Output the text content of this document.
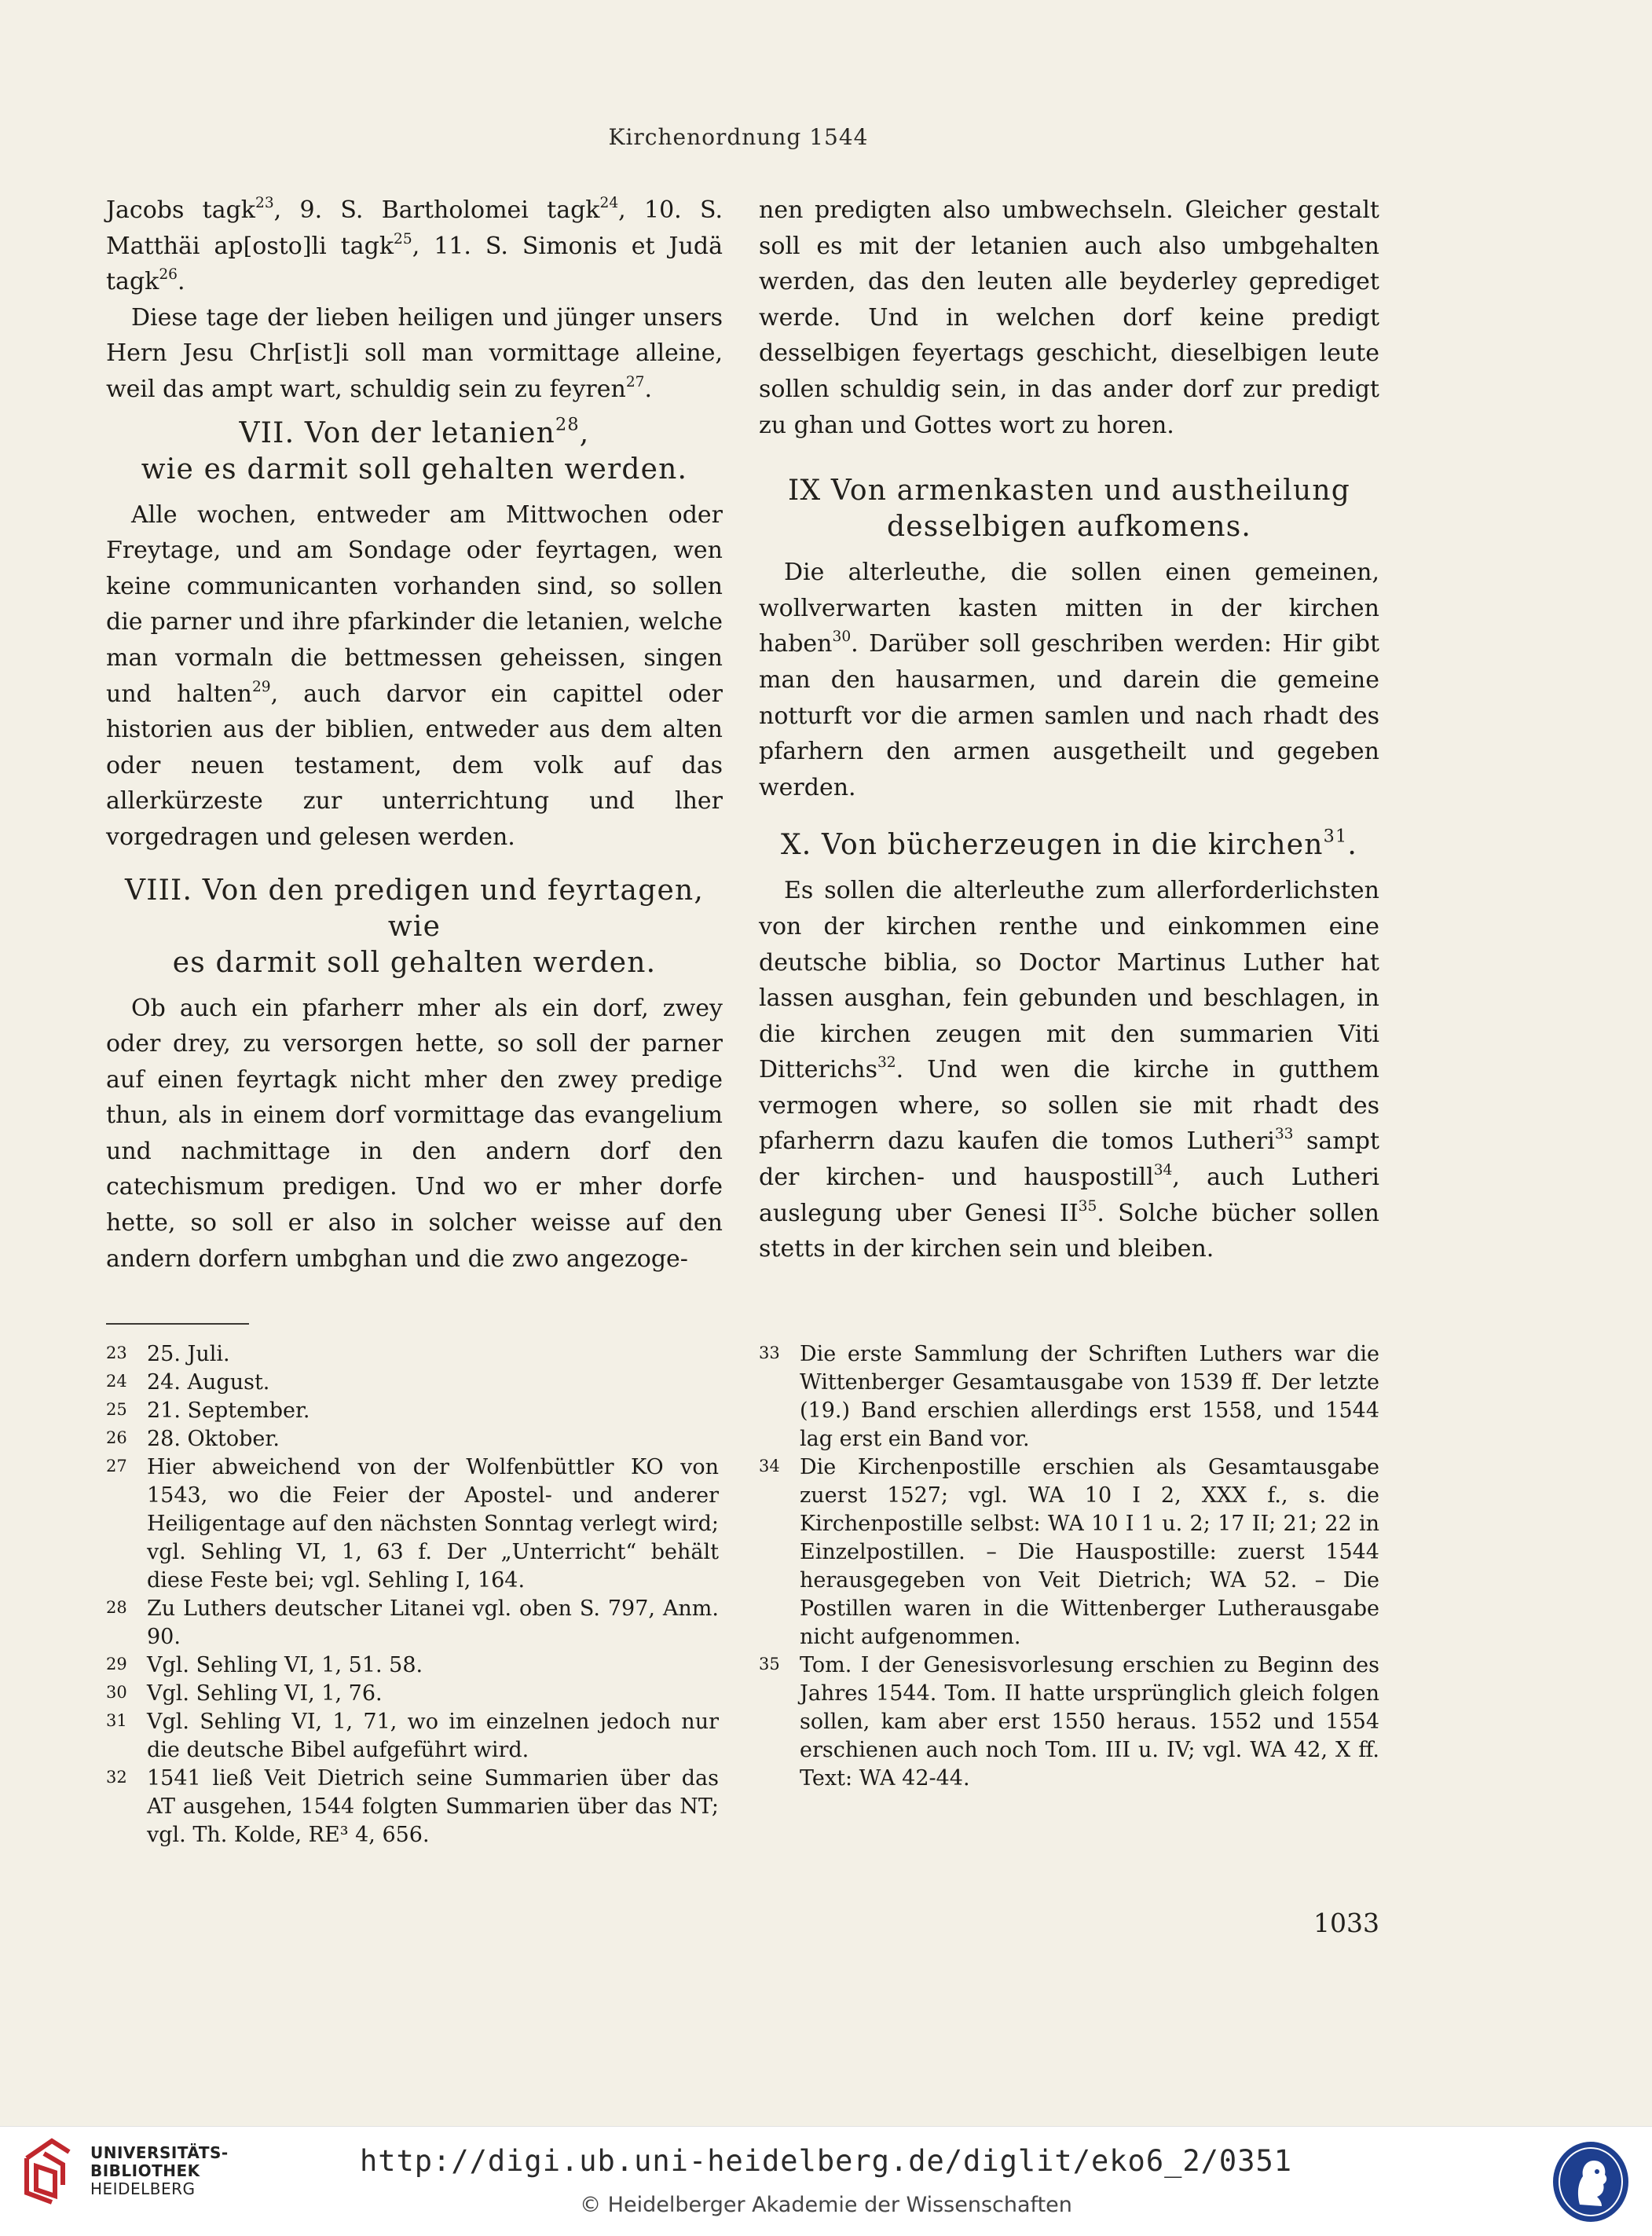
Kirchenordnung 1544

Jacobs tagk$^{23}$, 9. S. Bartholomei tagk$^{24}$, 10. S. Matthäi ap[osto]li tagk$^{25}$, 11. S. Simonis et Judä tagk$^{26}$.

Diese tage der lieben heiligen und jünger unsers Hern Jesu Chr[ist]i soll man vormittage alleine, weil das ampt wart, schuldig sein zu feyren$^{27}$.

VII. Von der letanien$^{28}$,
wie es darmit soll gehalten werden.

Alle wochen, entweder am Mittwochen oder Freytage, und am Sondage oder feyrtagen, wen keine communicanten vorhanden sind, so sollen die parner und ihre pfarkinder die letanien, welche man vormaln die bettmessen geheissen, singen und halten$^{29}$, auch darvor ein capittel oder historien aus der biblien, entweder aus dem alten oder neuen testament, dem volk auf das allerkürzeste zur unterrichtung und lher vorgedragen und gelesen werden.

VIII. Von den predigen und feyrtagen, wie
es darmit soll gehalten werden.

Ob auch ein pfarherr mher als ein dorf, zwey oder drey, zu versorgen hette, so soll der parner auf einen feyrtagk nicht mher den zwey predige thun, als in einem dorf vormittage das evangelium und nachmittage in den andern dorf den catechismum predigen. Und wo er mher dorfe hette, so soll er also in solcher weisse auf den andern dorfern umbghan und die zwo angezoge-

nen predigten also umbwechseln. Gleicher gestalt soll es mit der letanien auch also umbgehalten werden, das den leuten alle beyderley geprediget werde. Und in welchen dorf keine predigt desselbigen feyertags geschicht, dieselbigen leute sollen schuldig sein, in das ander dorf zur predigt zu ghan und Gottes wort zu horen.

IX Von armenkasten und austheilung
desselbigen aufkomens.

Die alterleuthe, die sollen einen gemeinen, wollverwarten kasten mitten in der kirchen haben$^{30}$. Darüber soll geschriben werden: Hir gibt man den hausarmen, und darein die gemeine notturft vor die armen samlen und nach rhadt des pfarhern den armen ausgetheilt und gegeben werden.

X. Von bücherzeugen in die kirchen$^{31}$.

Es sollen die alterleuthe zum allerforderlichsten von der kirchen renthe und einkommen eine deutsche biblia, so Doctor Martinus Luther hat lassen ausghan, fein gebunden und beschlagen, in die kirchen zeugen mit den summarien Viti Ditterichs$^{32}$. Und wen die kirche in gutthem vermogen where, so sollen sie mit rhadt des pfarherrn dazu kaufen die tomos Lutheri$^{33}$ sampt der kirchen- und hauspostill$^{34}$, auch Lutheri auslegung uber Genesi II$^{35}$. Solche bücher sollen stetts in der kirchen sein und bleiben.

23 25. Juli.
24 24. August.
25 21. September.
26 28. Oktober.
27 Hier abweichend von der Wolfenbüttler KO von 1543, wo die Feier der Apostel- und anderer Heiligentage auf den nächsten Sonntag verlegt wird; vgl. Sehling VI, 1, 63 f. Der „Unterricht“ behält diese Feste bei; vgl. Sehling I, 164.
28 Zu Luthers deutscher Litanei vgl. oben S. 797, Anm. 90.
29 Vgl. Sehling VI, 1, 51. 58.
30 Vgl. Sehling VI, 1, 76.
31 Vgl. Sehling VI, 1, 71, wo im einzelnen jedoch nur die deutsche Bibel aufgeführt wird.
32 1541 ließ Veit Dietrich seine Summarien über das AT ausgehen, 1544 folgten Summarien über das NT; vgl. Th. Kolde, RE³ 4, 656.
33 Die erste Sammlung der Schriften Luthers war die Wittenberger Gesamtausgabe von 1539 ff. Der letzte (19.) Band erschien allerdings erst 1558, und 1544 lag erst ein Band vor.
34 Die Kirchenpostille erschien als Gesamtausgabe zuerst 1527; vgl. WA 10 I 2, XXX f., s. die Kirchenpostille selbst: WA 10 I 1 u. 2; 17 II; 21; 22 in Einzelpostillen. – Die Hauspostille: zuerst 1544 herausgegeben von Veit Dietrich; WA 52. – Die Postillen waren in die Wittenberger Lutherausgabe nicht aufgenommen.
35 Tom. I der Genesisvorlesung erschien zu Beginn des Jahres 1544. Tom. II hatte ursprünglich gleich folgen sollen, kam aber erst 1550 heraus. 1552 und 1554 erschienen auch noch Tom. III u. IV; vgl. WA 42, X ff. Text: WA 42-44.
1033
UNIVERSITÄTS-
BIBLIOTHEK
HEIDELBERG
http://digi.ub.uni-heidelberg.de/diglit/eko6_2/0351
© Heidelberger Akademie der Wissenschaften
